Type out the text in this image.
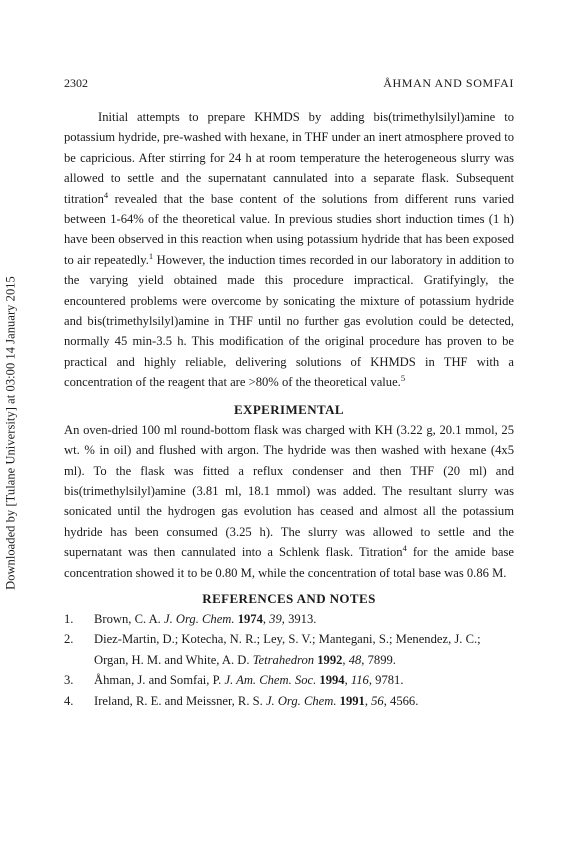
Downloaded by [Tulane University] at 03:00 14 January 2015
2302	ÅHMAN AND SOMFAI

Initial attempts to prepare KHMDS by adding bis(trimethylsilyl)amine to potassium hydride, pre-washed with hexane, in THF under an inert atmosphere proved to be capricious. After stirring for 24 h at room temperature the heterogeneous slurry was allowed to settle and the supernatant cannulated into a separate flask. Subsequent titration$^4$ revealed that the base content of the solutions from different runs varied between 1-64% of the theoretical value. In previous studies short induction times (1 h) have been observed in this reaction when using potassium hydride that has been exposed to air repeatedly.$^1$ However, the induction times recorded in our laboratory in addition to the varying yield obtained made this procedure impractical. Gratifyingly, the encountered problems were overcome by sonicating the mixture of potassium hydride and bis(trimethylsilyl)amine in THF until no further gas evolution could be detected, normally 45 min-3.5 h. This modification of the original procedure has proven to be practical and highly reliable, delivering solutions of KHMDS in THF with a concentration of the reagent that are >80% of the theoretical value.$^5$

EXPERIMENTAL

An oven-dried 100 ml round-bottom flask was charged with KH (3.22 g, 20.1 mmol, 25 wt. % in oil) and flushed with argon. The hydride was then washed with hexane (4x5 ml). To the flask was fitted a reflux condenser and then THF (20 ml) and bis(trimethylsilyl)amine (3.81 ml, 18.1 mmol) was added. The resultant slurry was sonicated until the hydrogen gas evolution has ceased and almost all the potassium hydride has been consumed (3.25 h). The slurry was allowed to settle and the supernatant was then cannulated into a Schlenk flask. Titration$^4$ for the amide base concentration showed it to be 0.80 M, while the concentration of total base was 0.86 M.

REFERENCES AND NOTES
1. Brown, C. A. J. Org. Chem. 1974, 39, 3913.
2. Diez-Martin, D.; Kotecha, N. R.; Ley, S. V.; Mantegani, S.; Menendez, J. C.; Organ, H. M. and White, A. D. Tetrahedron 1992, 48, 7899.
3. Åhman, J. and Somfai, P. J. Am. Chem. Soc. 1994, 116, 9781.
4. Ireland, R. E. and Meissner, R. S. J. Org. Chem. 1991, 56, 4566.
